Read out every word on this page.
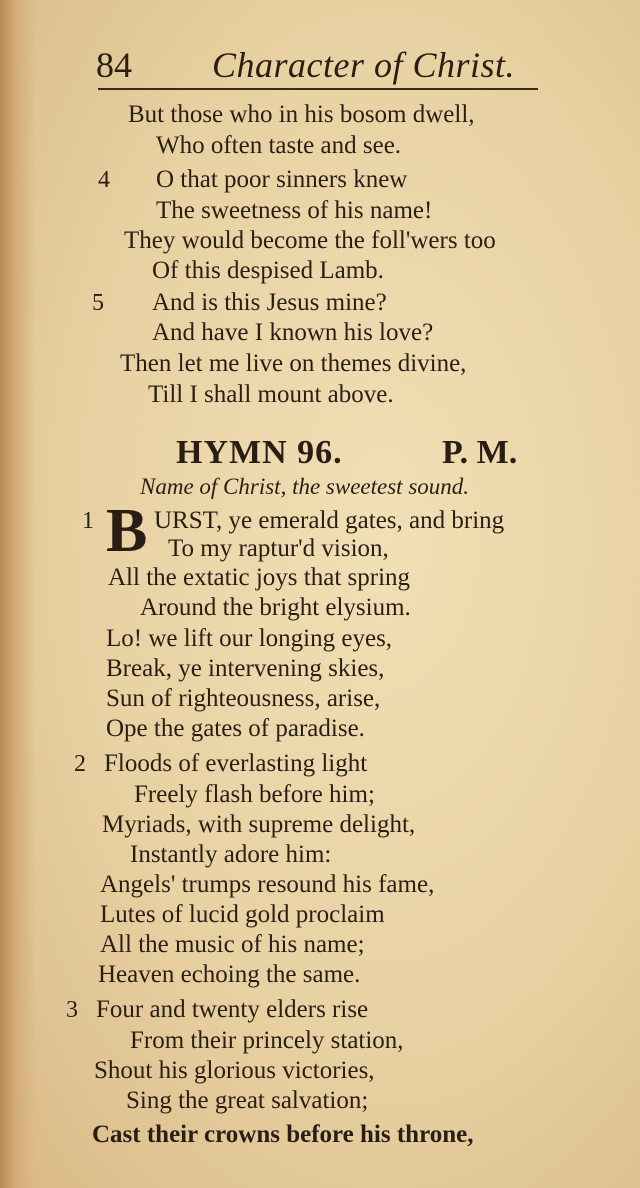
84 Character of Christ.
But those who in his bosom dwell,
Who often taste and see.
4 O that poor sinners knew
The sweetness of his name!
They would become the foll'wers too
Of this despised Lamb.
5 And is this Jesus mine?
And have I known his love?
Then let me live on themes divine,
Till I shall mount above.
HYMN 96.	P. M.
Name of Christ, the sweetest sound.
1 B URST, ye emerald gates, and bring
To my raptur'd vision,
All the extatic joys that spring
Around the bright elysium.
Lo! we lift our longing eyes,
Break, ye intervening skies,
Sun of righteousness, arise,
Ope the gates of paradise.
2 Floods of everlasting light
Freely flash before him;
Myriads, with supreme delight,
Instantly adore him:
Angels' trumps resound his fame,
Lutes of lucid gold proclaim
All the music of his name;
Heaven echoing the same.
3 Four and twenty elders rise
From their princely station,
Shout his glorious victories,
Sing the great salvation;
Cast their crowns before his throne,
